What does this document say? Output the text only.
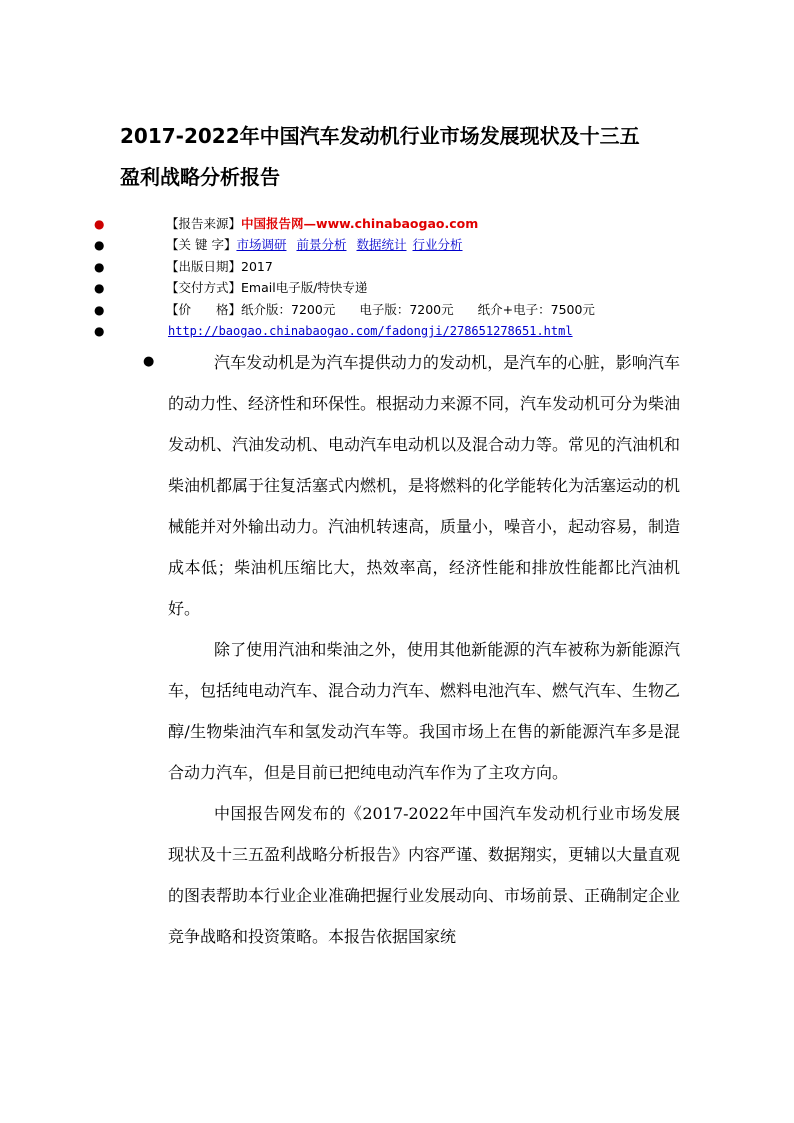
2017-2022年中国汽车发动机行业市场发展现状及十三五
盈利战略分析报告
●	【报告来源】中国报告网—www.chinabaogao.com
●	【关 键 字】市场调研 前景分析 数据统计 行业分析
●	【出版日期】2017
●	【交付方式】Email电子版/特快专递
●	【价　　格】纸介版：7200元 电子版：7200元 纸介+电子：7500元
●	http://baogao.chinabaogao.com/fadongji/278651278651.html
●	汽车发动机是为汽车提供动力的发动机，是汽车的心脏，影响汽车的动力性、经济性和环保性。根据动力来源不同，汽车发动机可分为柴油发动机、汽油发动机、电动汽车电动机以及混合动力等。常见的汽油机和柴油机都属于往复活塞式内燃机，是将燃料的化学能转化为活塞运动的机械能并对外输出动力。汽油机转速高，质量小，噪音小，起动容易，制造成本低；柴油机压缩比大，热效率高，经济性能和排放性能都比汽油机好。

除了使用汽油和柴油之外，使用其他新能源的汽车被称为新能源汽车，包括纯电动汽车、混合动力汽车、燃料电池汽车、燃气汽车、生物乙醇/生物柴油汽车和氢发动汽车等。我国市场上在售的新能源汽车多是混合动力汽车，但是目前已把纯电动汽车作为了主攻方向。

中国报告网发布的《2017-2022年中国汽车发动机行业市场发展现状及十三五盈利战略分析报告》内容严谨、数据翔实，更辅以大量直观的图表帮助本行业企业准确把握行业发展动向、市场前景、正确制定企业竞争战略和投资策略。本报告依据国家统
